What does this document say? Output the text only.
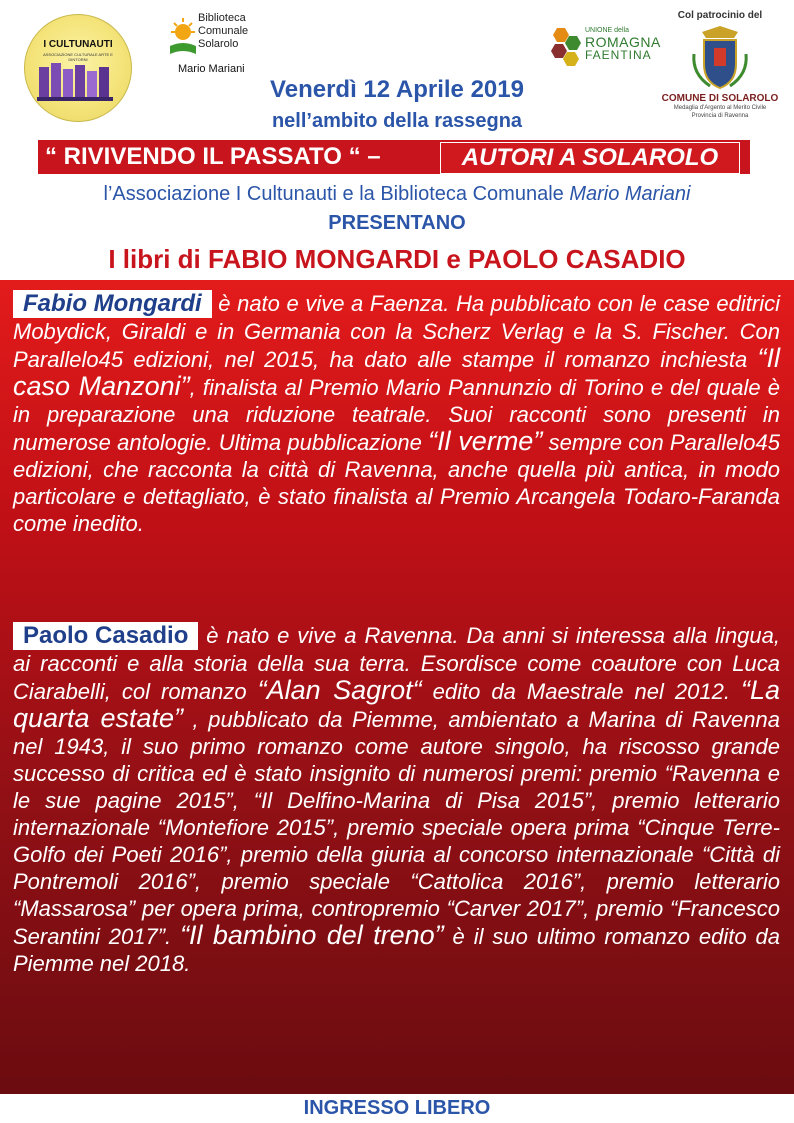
I CULTUNAUTI
ASSOCIAZIONE CULTURALE ARTE E DINTORNI
Biblioteca
Comunale
Solarolo
Mario Mariani
UNIONE della
ROMAGNA
FAENTINA
Col patrocinio del
COMUNE DI SOLAROLO
Medaglia d'Argento al Merito Civile
Provincia di Ravenna
Venerdì 12 Aprile 2019
nell’ambito della rassegna
“ RIVIVENDO IL PASSATO “ –	AUTORI A SOLAROLO
l’Associazione I Cultunauti e la Biblioteca Comunale Mario Mariani
PRESENTANO
I libri di FABIO MONGARDI e PAOLO CASADIO
Fabio Mongardi è nato e vive a Faenza. Ha pubblicato con le case editrici Mobydick, Giraldi e in Germania con la Scherz Verlag e la S. Fischer. Con Parallelo45 edizioni, nel 2015, ha dato alle stampe il romanzo inchiesta “Il caso Manzoni”, finalista al Premio Mario Pannunzio di Torino e del quale è in preparazione una riduzione teatrale. Suoi racconti sono presenti in numerose antologie. Ultima pubblicazione “Il verme” sempre con Parallelo45 edizioni, che racconta la città di Ravenna, anche quella più antica, in modo particolare e dettagliato, è stato finalista al Premio Arcangela Todaro-Faranda come inedito.
Paolo Casadio è nato e vive a Ravenna. Da anni si interessa alla lingua, ai racconti e alla storia della sua terra. Esordisce come coautore con Luca Ciarabelli, col romanzo “Alan Sagrot“ edito da Maestrale nel 2012. “La quarta estate” , pubblicato da Piemme, ambientato a Marina di Ravenna nel 1943, il suo primo romanzo come autore singolo, ha riscosso grande successo di critica ed è stato insignito di numerosi premi: premio “Ravenna e le sue pagine 2015”, “Il Delfino-Marina di Pisa 2015”, premio letterario internazionale “Montefiore 2015”, premio speciale opera prima “Cinque Terre-Golfo dei Poeti 2016”, premio della giuria al concorso internazionale “Città di Pontremoli 2016”, premio speciale “Cattolica 2016”, premio letterario “Massarosa” per opera prima, contropremio “Carver 2017”, premio “Francesco Serantini 2017”. “Il bambino del treno” è il suo ultimo romanzo edito da Piemme nel 2018.
INGRESSO LIBERO
